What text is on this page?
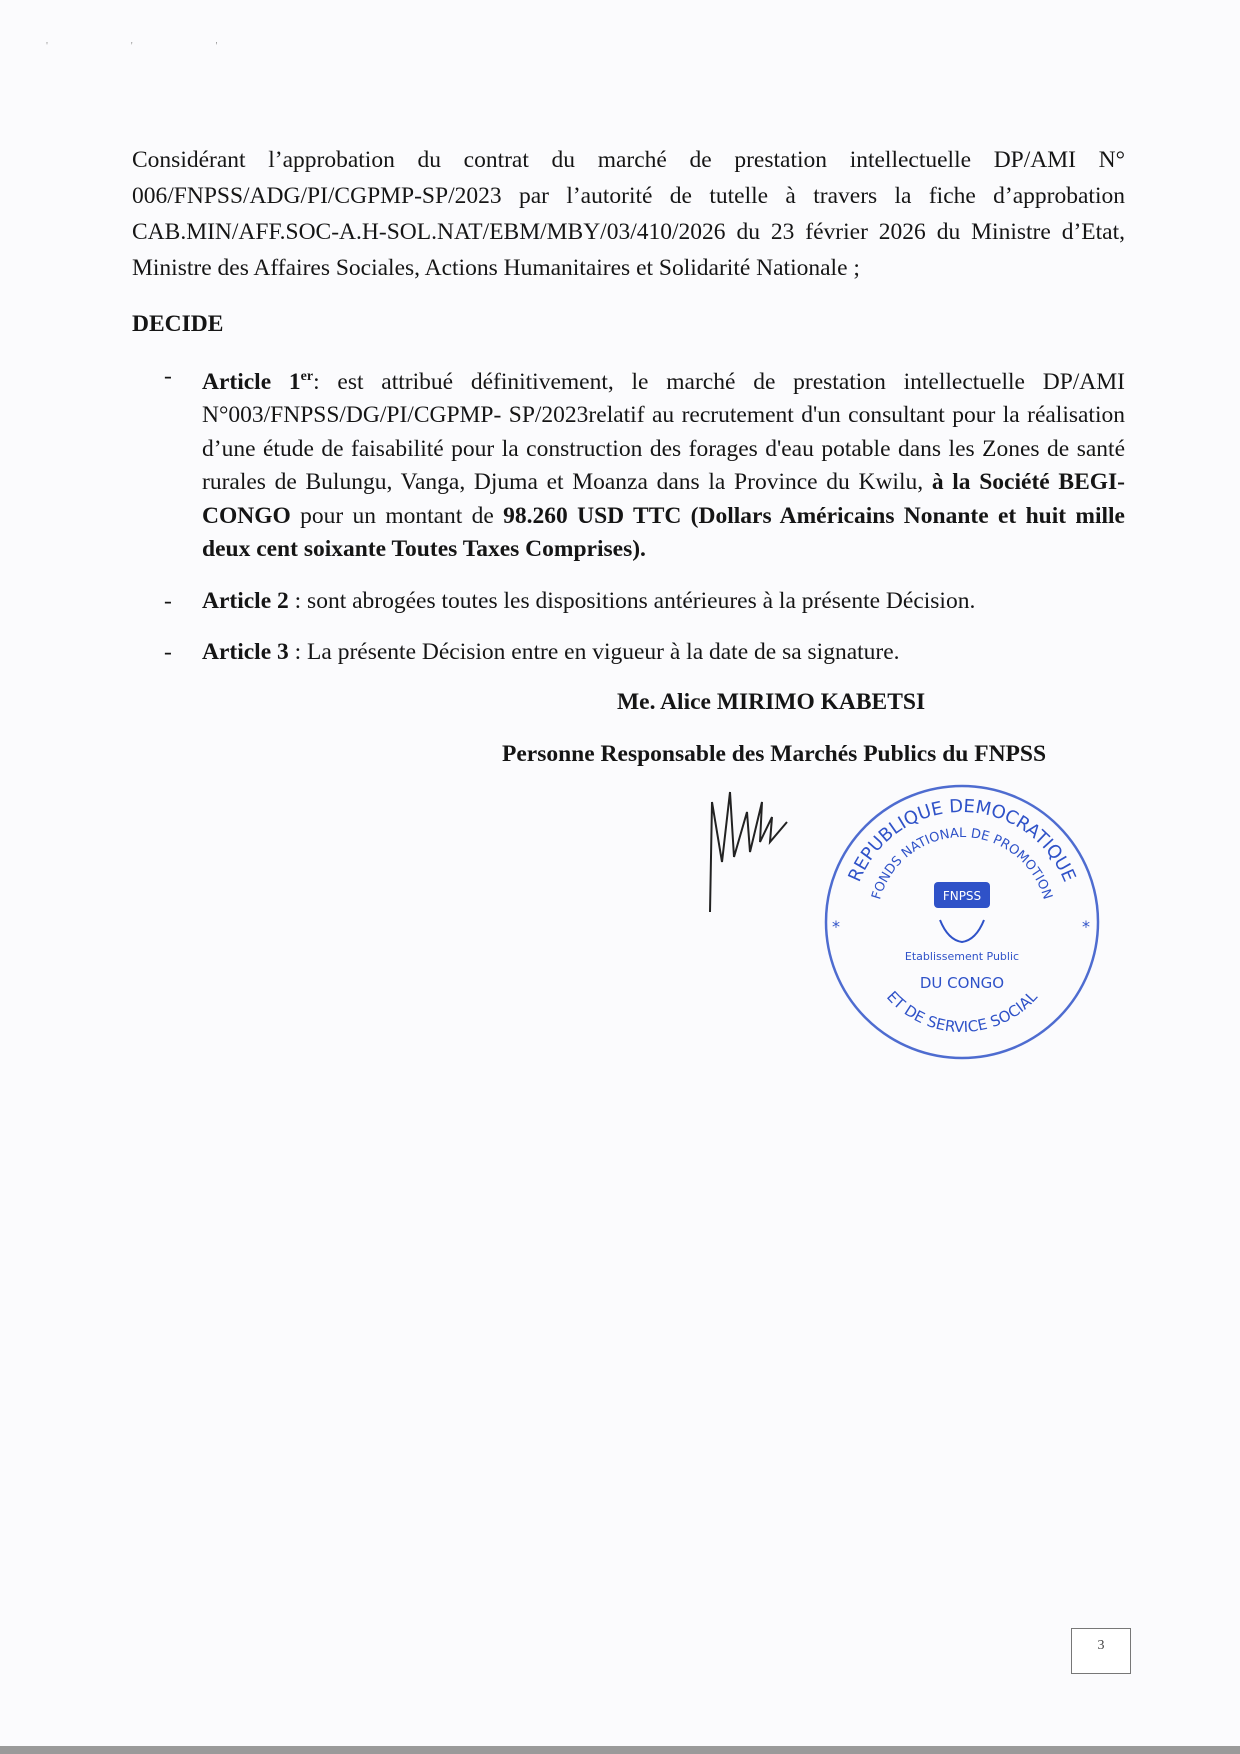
' ' '

Considérant l’approbation du contrat du marché de prestation intellectuelle DP/AMI N° 006/FNPSS/ADG/PI/CGPMP-SP/2023 par l’autorité de tutelle à travers la fiche d’approbation CAB.MIN/AFF.SOC-A.H-SOL.NAT/EBM/MBY/03/410/2026 du 23 février 2026 du Ministre d’Etat, Ministre des Affaires Sociales, Actions Humanitaires et Solidarité Nationale ;

DECIDE
- Article 1er: est attribué définitivement, le marché de prestation intellectuelle DP/AMI N°003/FNPSS/DG/PI/CGPMP- SP/2023relatif au recrutement d'un consultant pour la réalisation d’une étude de faisabilité pour la construction des forages d'eau potable dans les Zones de santé rurales de Bulungu, Vanga, Djuma et Moanza dans la Province du Kwilu, à la Société BEGI-CONGO pour un montant de 98.260 USD TTC (Dollars Américains Nonante et huit mille deux cent soixante Toutes Taxes Comprises).
- Article 2 : sont abrogées toutes les dispositions antérieures à la présente Décision.
- Article 3 : La présente Décision entre en vigueur à la date de sa signature.
Me. Alice MIRIMO KABETSI
Personne Responsable des Marchés Publics du FNPSS
REPUBLIQUE DEMOCRATIQUE
FONDS NATIONAL DE PROMOTION
FNPSS
Etablissement Public
DU CONGO
ET DE SERVICE SOCIAL
*	*
3
